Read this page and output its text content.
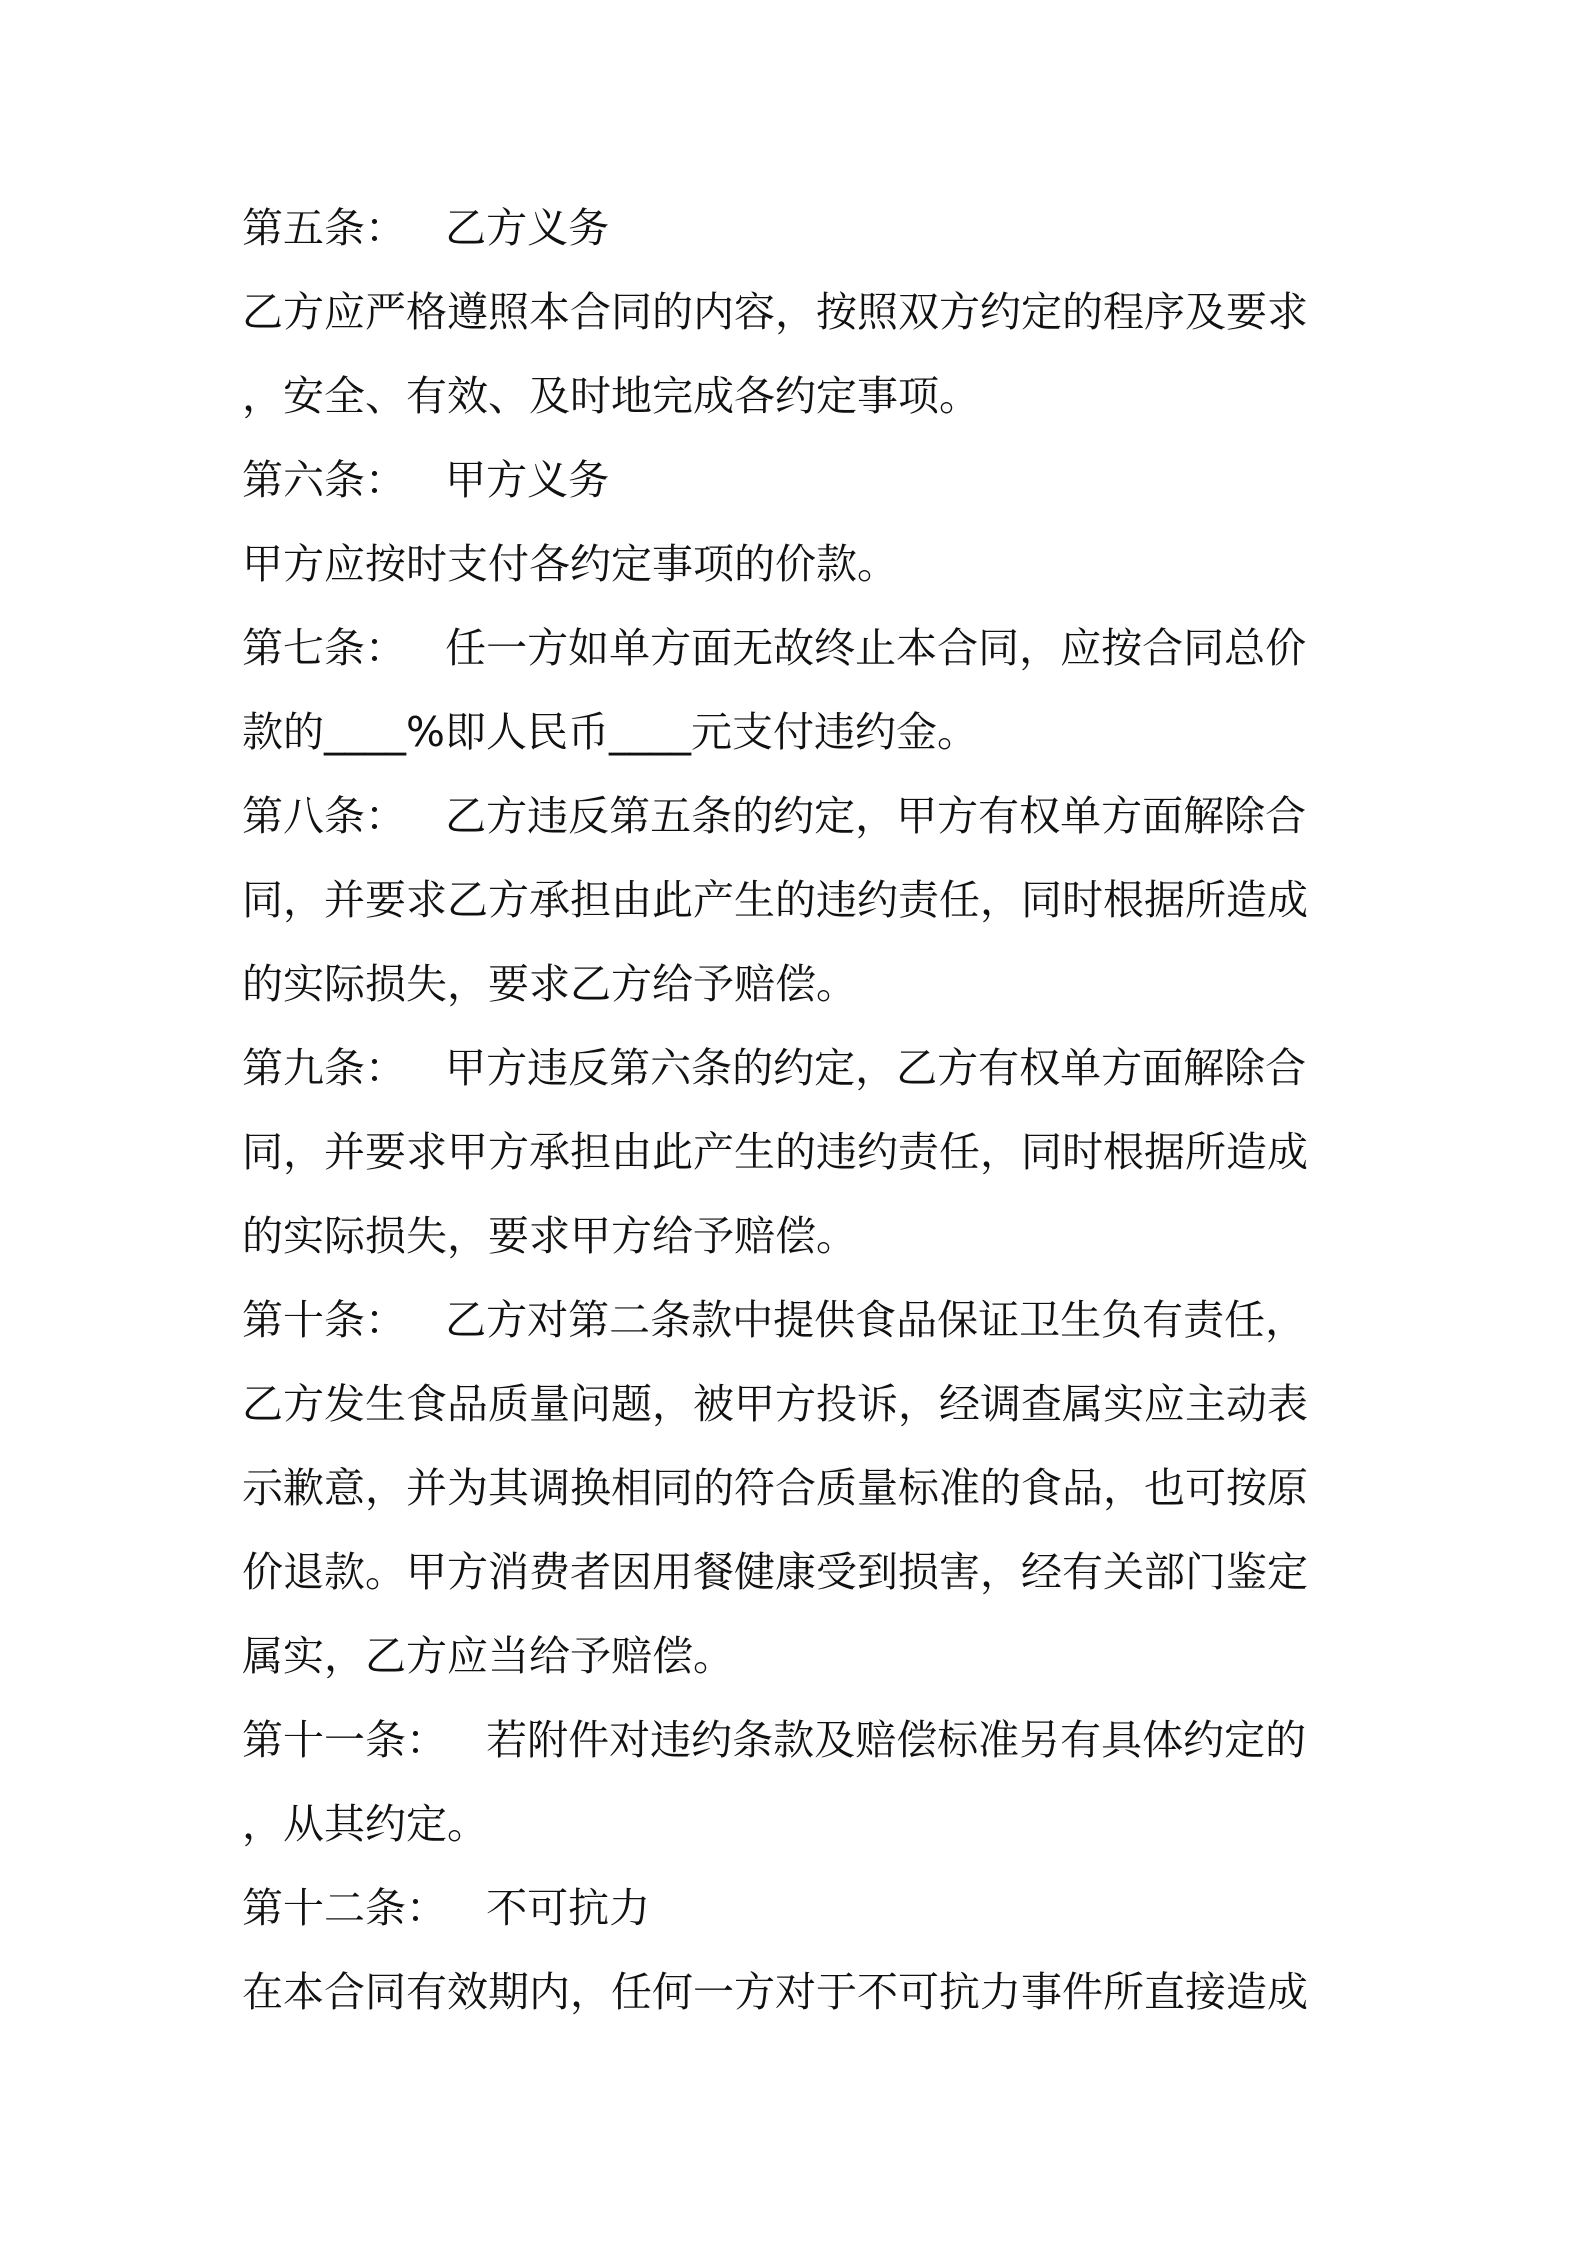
第五条：   乙方义务

乙方应严格遵照本合同的内容，按照双方约定的程序及要求

，安全、有效、及时地完成各约定事项。

第六条：   甲方义务

甲方应按时支付各约定事项的价款。

第七条：   任一方如单方面无故终止本合同，应按合同总价

款的____%即人民币____元支付违约金。

第八条：   乙方违反第五条的约定，甲方有权单方面解除合

同，并要求乙方承担由此产生的违约责任，同时根据所造成

的实际损失，要求乙方给予赔偿。

第九条：   甲方违反第六条的约定，乙方有权单方面解除合

同，并要求甲方承担由此产生的违约责任，同时根据所造成

的实际损失，要求甲方给予赔偿。

第十条：   乙方对第二条款中提供食品保证卫生负有责任，

乙方发生食品质量问题，被甲方投诉，经调查属实应主动表

示歉意，并为其调换相同的符合质量标准的食品，也可按原

价退款。甲方消费者因用餐健康受到损害，经有关部门鉴定

属实，乙方应当给予赔偿。

第十一条：   若附件对违约条款及赔偿标准另有具体约定的

，从其约定。

第十二条：   不可抗力

在本合同有效期内，任何一方对于不可抗力事件所直接造成
